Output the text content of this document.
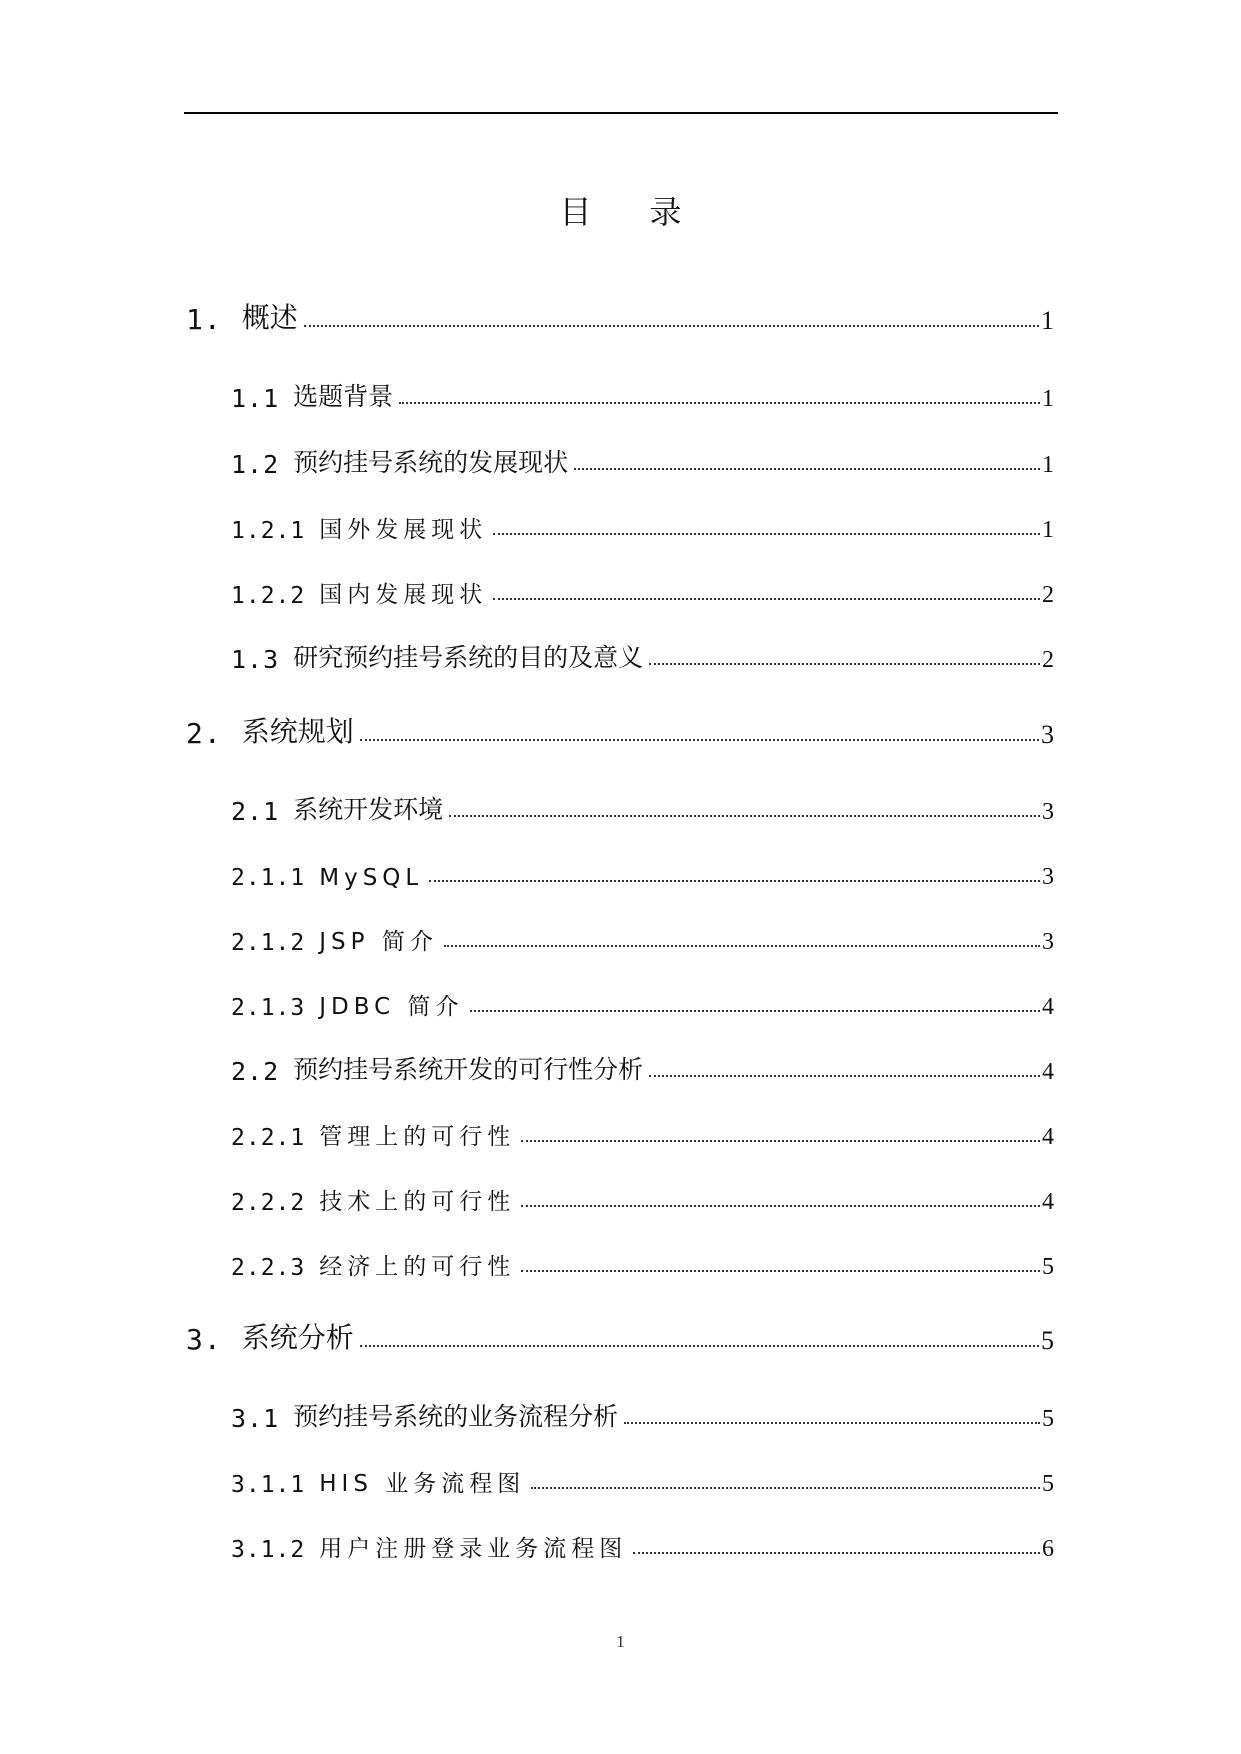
目 录
1. 概述	1
1.1 选题背景	1
1.2 预约挂号系统的发展现状	1
1.2.1 国外发展现状	1
1.2.2 国内发展现状	2
1.3 研究预约挂号系统的目的及意义	2
2. 系统规划	3
2.1 系统开发环境	3
2.1.1 MySQL	3
2.1.2 JSP 简介	3
2.1.3 JDBC 简介	4
2.2 预约挂号系统开发的可行性分析	4
2.2.1 管理上的可行性	4
2.2.2 技术上的可行性	4
2.2.3 经济上的可行性	5
3. 系统分析	5
3.1 预约挂号系统的业务流程分析	5
3.1.1 HIS 业务流程图	5
3.1.2 用户注册登录业务流程图	6
1
